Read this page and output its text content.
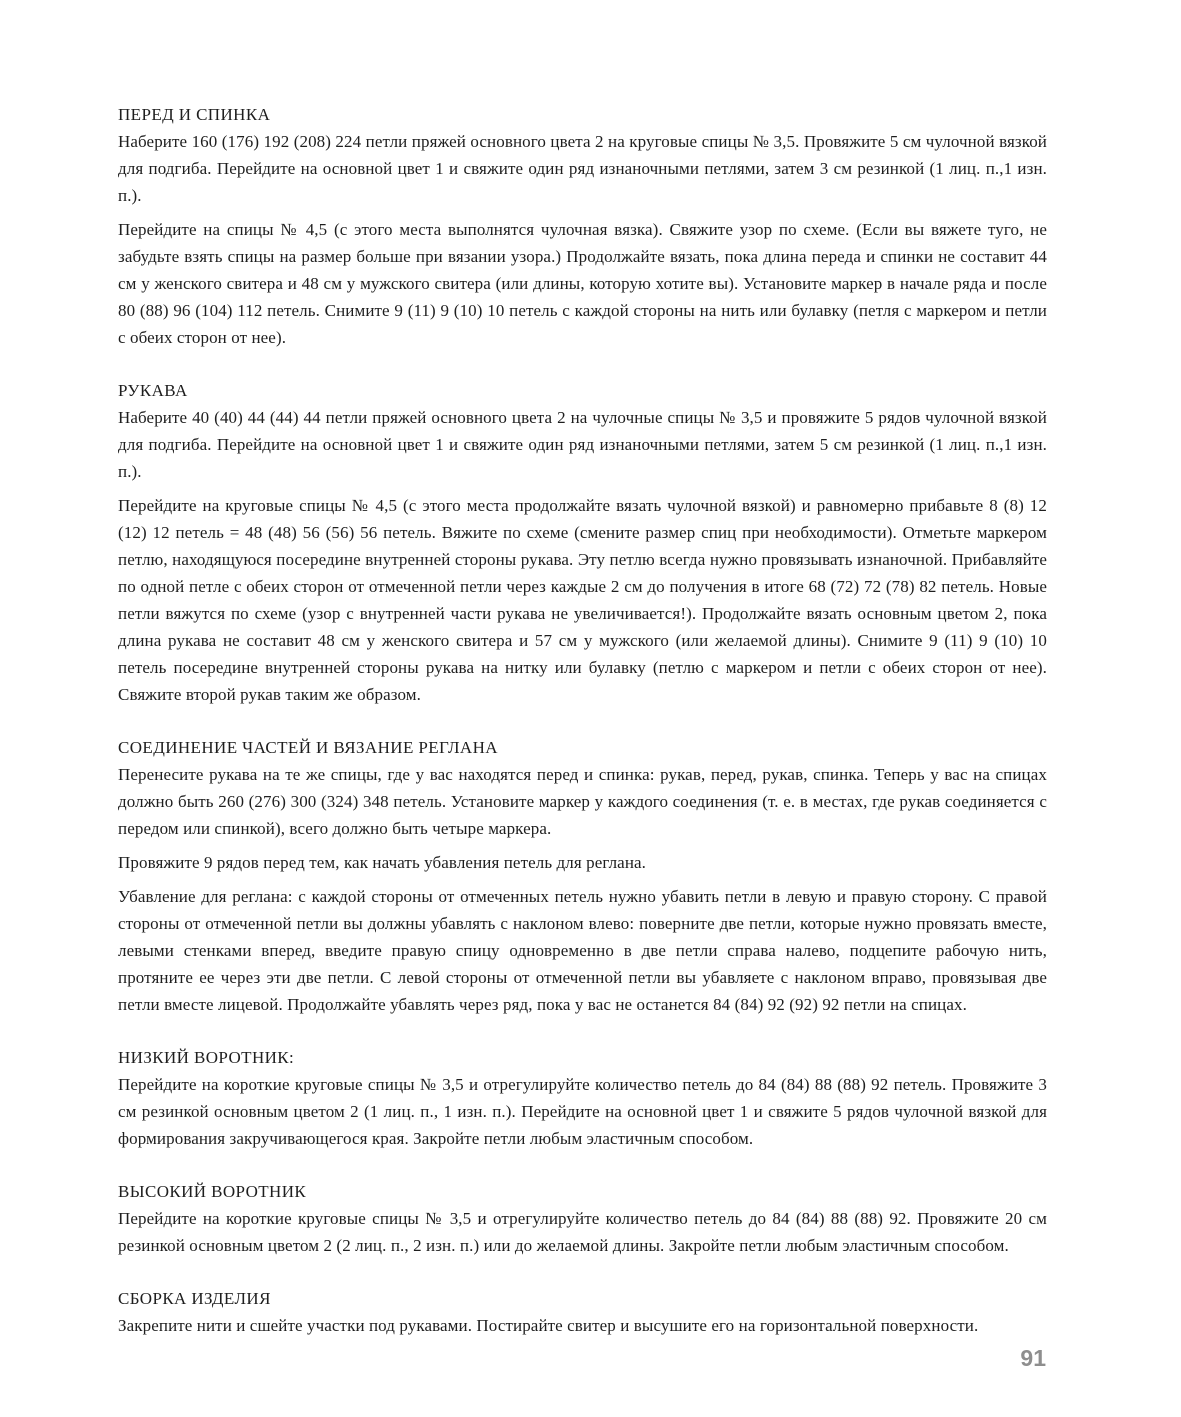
ПЕРЕД И СПИНКА

Наберите 160 (176) 192 (208) 224 петли пряжей основного цвета 2 на круговые спицы № 3,5. Провяжите 5 см чулочной вязкой для подгиба. Перейдите на основной цвет 1 и свяжите один ряд изнаночными петлями, затем 3 см резинкой (1 лиц. п.,1 изн. п.).

Перейдите на спицы № 4,5 (с этого места выполнятся чулочная вязка). Свяжите узор по схеме. (Если вы вяжете туго, не забудьте взять спицы на размер больше при вязании узора.) Продолжайте вязать, пока длина переда и спинки не составит 44 см у женского свитера и 48 см у мужского свитера (или длины, которую хотите вы). Установите маркер в начале ряда и после 80 (88) 96 (104) 112 петель. Снимите 9 (11) 9 (10) 10 петель с каждой стороны на нить или булавку (петля с маркером и петли с обеих сторон от нее).

РУКАВА

Наберите 40 (40) 44 (44) 44 петли пряжей основного цвета 2 на чулочные спицы № 3,5 и провяжите 5 рядов чулочной вязкой для подгиба. Перейдите на основной цвет 1 и свяжите один ряд изнаночными петлями, затем 5 см резинкой (1 лиц. п.,1 изн. п.).

Перейдите на круговые спицы № 4,5 (с этого места продолжайте вязать чулочной вязкой) и равномерно прибавьте 8 (8) 12 (12) 12 петель = 48 (48) 56 (56) 56 петель. Вяжите по схеме (смените размер спиц при необходимости). Отметьте маркером петлю, находящуюся посередине внутренней стороны рукава. Эту петлю всегда нужно провязывать изнаночной. Прибавляйте по одной петле с обеих сторон от отмеченной петли через каждые 2 см до получения в итоге 68 (72) 72 (78) 82 петель. Новые петли вяжутся по схеме (узор с внутренней части рукава не увеличивается!). Продолжайте вязать основным цветом 2, пока длина рукава не составит 48 см у женского свитера и 57 см у мужского (или желаемой длины). Снимите 9 (11) 9 (10) 10 петель посередине внутренней стороны рукава на нитку или булавку (петлю с маркером и петли с обеих сторон от нее). Свяжите второй рукав таким же образом.

СОЕДИНЕНИЕ ЧАСТЕЙ И ВЯЗАНИЕ РЕГЛАНА

Перенесите рукава на те же спицы, где у вас находятся перед и спинка: рукав, перед, рукав, спинка. Теперь у вас на спицах должно быть 260 (276) 300 (324) 348 петель. Установите маркер у каждого соединения (т. е. в местах, где рукав соединяется с передом или спинкой), всего должно быть четыре маркера.

Провяжите 9 рядов перед тем, как начать убавления петель для реглана.

Убавление для реглана: с каждой стороны от отмеченных петель нужно убавить петли в левую и правую сторону. С правой стороны от отмеченной петли вы должны убавлять с наклоном влево: поверните две петли, которые нужно провязать вместе, левыми стенками вперед, введите правую спицу одновременно в две петли справа налево, подцепите рабочую нить, протяните ее через эти две петли. С левой стороны от отмеченной петли вы убавляете с наклоном вправо, провязывая две петли вместе лицевой. Продолжайте убавлять через ряд, пока у вас не останется 84 (84) 92 (92) 92 петли на спицах.

НИЗКИЙ ВОРОТНИК:

Перейдите на короткие круговые спицы № 3,5 и отрегулируйте количество петель до 84 (84) 88 (88) 92 петель. Провяжите 3 см резинкой основным цветом 2 (1 лиц. п., 1 изн. п.). Перейдите на основной цвет 1 и свяжите 5 рядов чулочной вязкой для формирования закручивающегося края. Закройте петли любым эластичным способом.

ВЫСОКИЙ ВОРОТНИК

Перейдите на короткие круговые спицы № 3,5 и отрегулируйте количество петель до 84 (84) 88 (88) 92. Провяжите 20 см резинкой основным цветом 2 (2 лиц. п., 2 изн. п.) или до желаемой длины. Закройте петли любым эластичным способом.

СБОРКА ИЗДЕЛИЯ

Закрепите нити и сшейте участки под рукавами. Постирайте свитер и высушите его на горизонтальной поверхности.

91
